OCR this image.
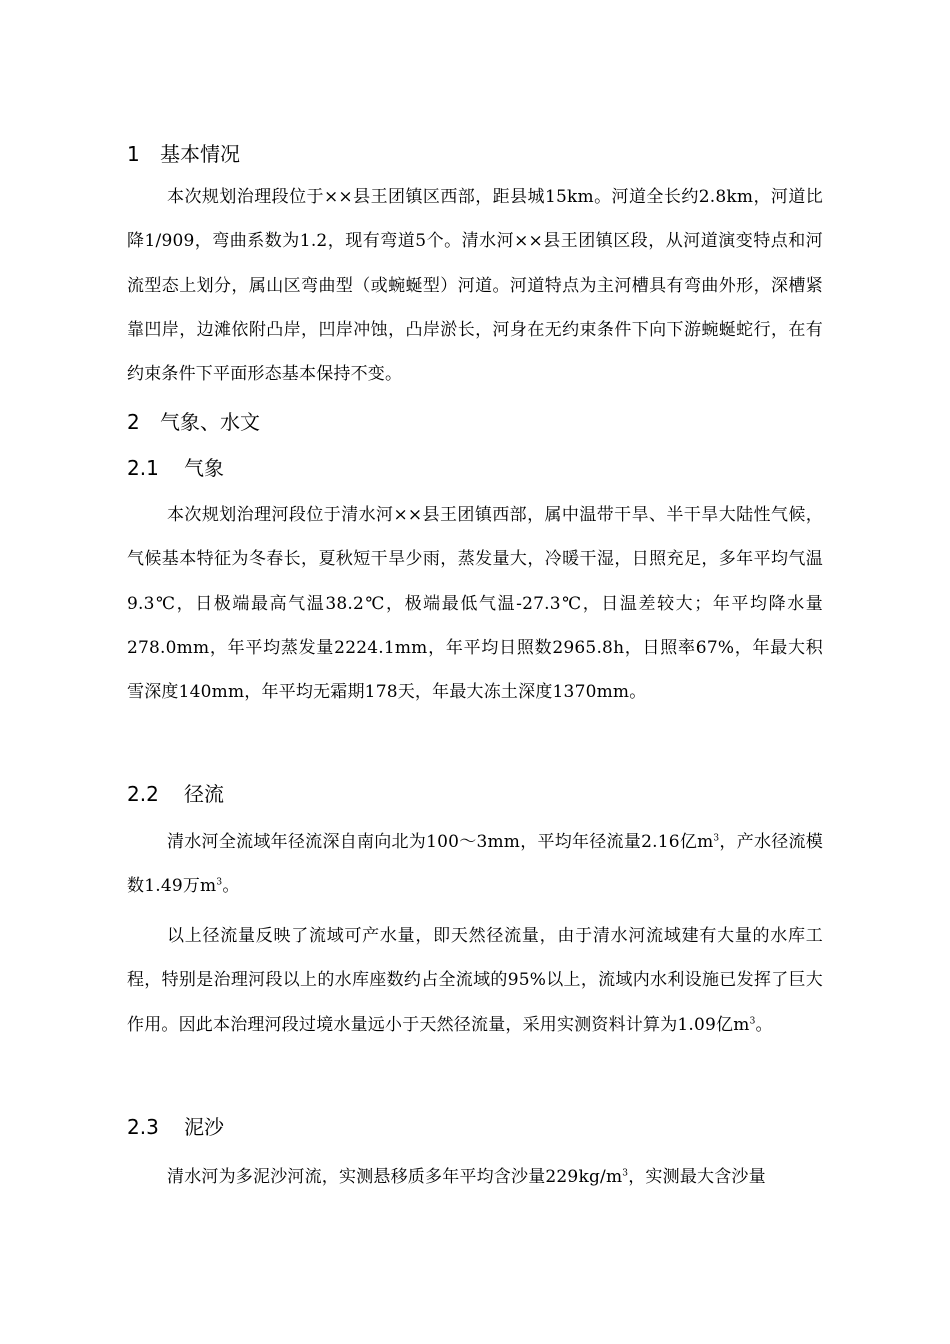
1	基本情况

本次规划治理段位于××县王团镇区西部，距县城15km。河道全长约2.8km，河道比降1/909，弯曲系数为1.2，现有弯道5个。清水河××县王团镇区段，从河道演变特点和河流型态上划分，属山区弯曲型（或蜿蜒型）河道。河道特点为主河槽具有弯曲外形，深槽紧靠凹岸，边滩依附凸岸，凹岸冲蚀，凸岸淤长，河身在无约束条件下向下游蜿蜒蛇行，在有约束条件下平面形态基本保持不变。

2	气象、水文
2.1	气象

本次规划治理河段位于清水河××县王团镇西部，属中温带干旱、半干旱大陆性气候，气候基本特征为冬春长，夏秋短干旱少雨，蒸发量大，冷暖干湿，日照充足，多年平均气温9.3℃，日极端最高气温38.2℃，极端最低气温-27.3℃，日温差较大；年平均降水量278.0mm，年平均蒸发量2224.1mm，年平均日照数2965.8h，日照率67%，年最大积雪深度140mm，年平均无霜期178天，年最大冻土深度1370mm。

2.2	径流

清水河全流域年径流深自南向北为100～3mm，平均年径流量2.16亿$m^3$，产水径流模数1.49万$m^3$。

以上径流量反映了流域可产水量，即天然径流量，由于清水河流域建有大量的水库工程，特别是治理河段以上的水库座数约占全流域的95%以上，流域内水利设施已发挥了巨大作用。因此本治理河段过境水量远小于天然径流量，采用实测资料计算为1.09亿$m^3$。

2.3	泥沙

清水河为多泥沙河流，实测悬移质多年平均含沙量$229kg/m^3$，实测最大含沙量
